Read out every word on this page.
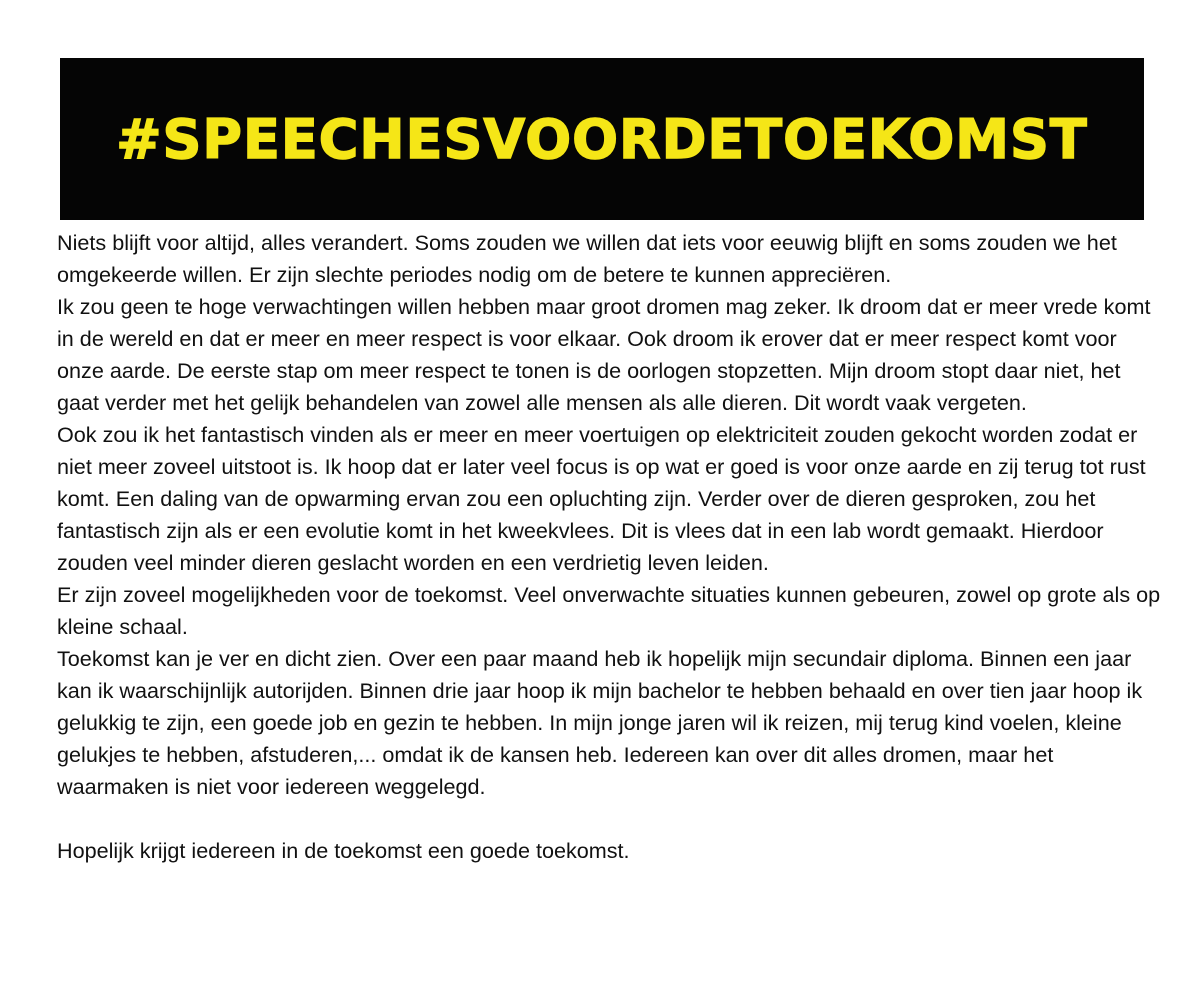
#SPEECHESVOORDETOEKOMST

Niets blijft voor altijd, alles verandert. Soms zouden we willen dat iets voor eeuwig blijft en soms zouden we het omgekeerde willen. Er zijn slechte periodes nodig om de betere te kunnen appreciëren.

Ik zou geen te hoge verwachtingen willen hebben maar groot dromen mag zeker. Ik droom dat er meer vrede komt in de wereld en dat er meer en meer respect is voor elkaar. Ook droom ik erover dat er meer respect komt voor onze aarde. De eerste stap om meer respect te tonen is de oorlogen stopzetten. Mijn droom stopt daar niet, het gaat verder met het gelijk behandelen van zowel alle mensen als alle dieren. Dit wordt vaak vergeten.

Ook zou ik het fantastisch vinden als er meer en meer voertuigen op elektriciteit zouden gekocht worden zodat er niet meer zoveel uitstoot is. Ik hoop dat er later veel focus is op wat er goed is voor onze aarde en zij terug tot rust komt. Een daling van de opwarming ervan zou een opluchting zijn. Verder over de dieren gesproken, zou het fantastisch zijn als er een evolutie komt in het kweekvlees. Dit is vlees dat in een lab wordt gemaakt. Hierdoor zouden veel minder dieren geslacht worden en een verdrietig leven leiden.

Er zijn zoveel mogelijkheden voor de toekomst. Veel onverwachte situaties kunnen gebeuren, zowel op grote als op kleine schaal.

Toekomst kan je ver en dicht zien. Over een paar maand heb ik hopelijk mijn secundair diploma. Binnen een jaar kan ik waarschijnlijk autorijden. Binnen drie jaar hoop ik mijn bachelor te hebben behaald en over tien jaar hoop ik gelukkig te zijn, een goede job en gezin te hebben. In mijn jonge jaren wil ik reizen, mij terug kind voelen, kleine gelukjes te hebben, afstuderen,... omdat ik de kansen heb. Iedereen kan over dit alles dromen, maar het waarmaken is niet voor iedereen weggelegd.

Hopelijk krijgt iedereen in de toekomst een goede toekomst.
